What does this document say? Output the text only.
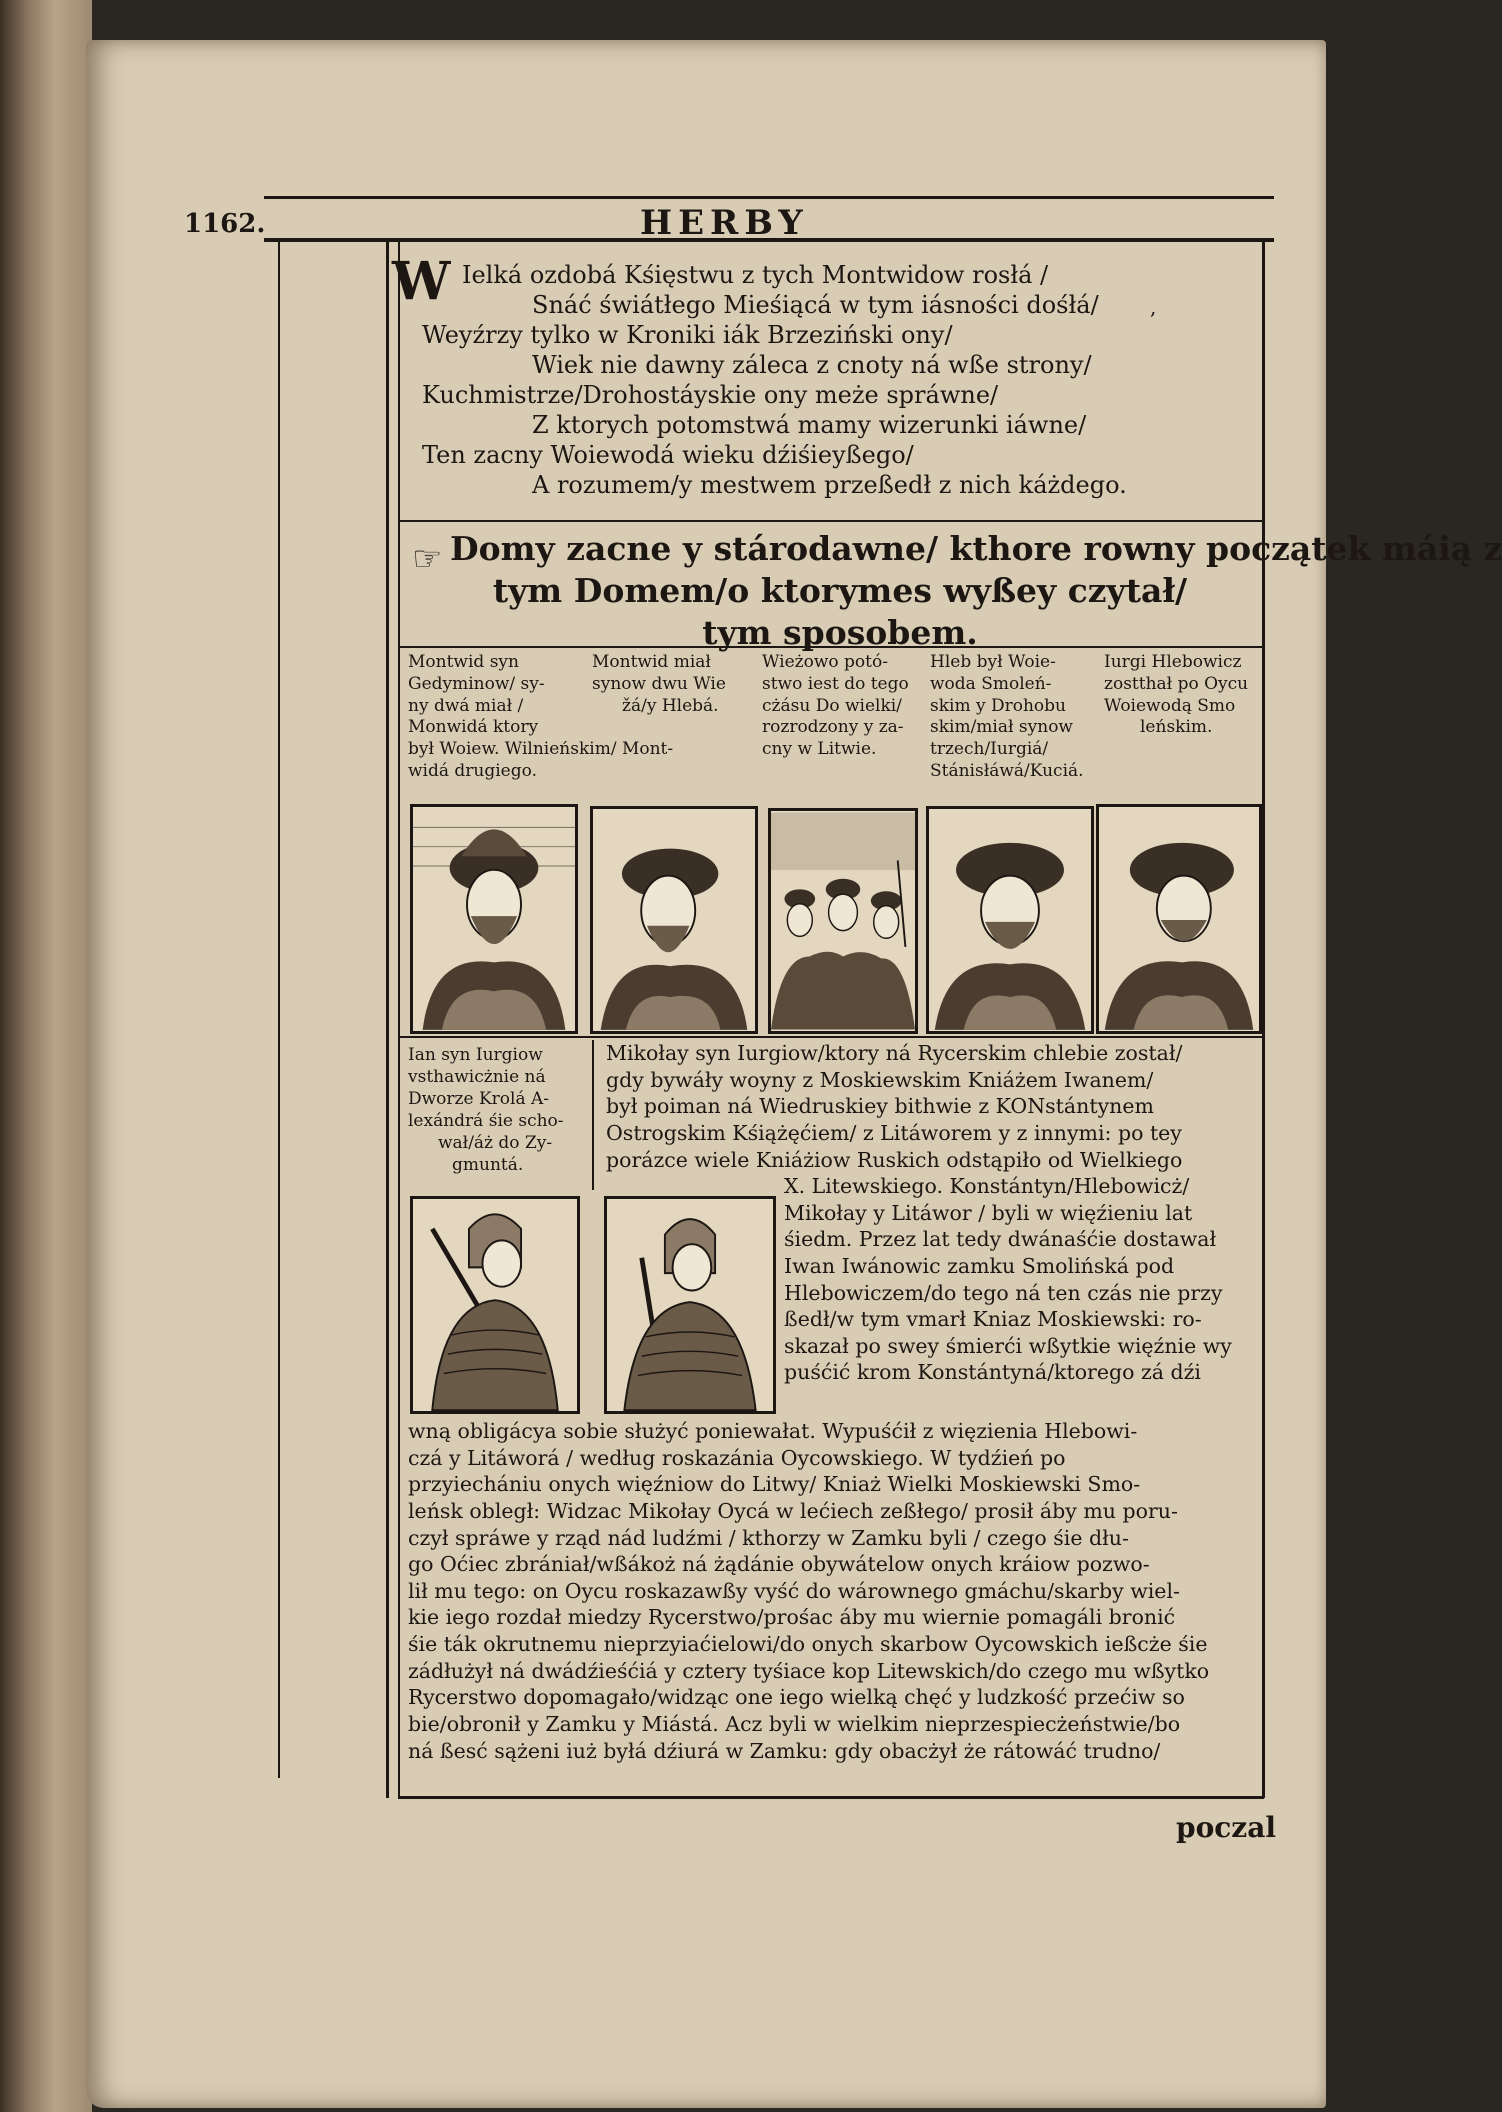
1162.	HERBY
W Ielká ozdobá Kśięstwu z tych Montwidow rosłá /
Snáć świátłego Mieśiącá w tym iásności dośłá/
Weyźrzy tylko w Kroniki iák Brzeziński ony/
Wiek nie dawny záleca z cnoty ná wße strony/
Kuchmistrze/Drohostáyskie ony meże spráwne/
Z ktorych potomstwá mamy wizerunki iáwne/
Ten zacny Woiewodá wieku dźiśieyßego/
A rozumem/y mestwem przeßedł z nich káżdego.
,
☞ Domy zacne y stárodawne/ kthore rowny początek máią z
tym Domem/o ktorymes wyßey czytał/
tym sposobem.
Montwid syn
Gedyminow/ sy-
ny dwá miał /
Monwidá ktory
był Woiew. Wilnieńskim/ Mont-
widá drugiego.
Montwid miał
synow dwu Wie
žá/y Hlebá.
Wieżowo potó-
stwo iest do tego
cżásu Do wielki/
rozrodzony y za-
cny w Litwie.
Hleb był Woie-
woda Smoleń-
skim y Drohobu
skim/miał synow
trzech/Iurgiá/
Stánisłáwá/Kuciá.
Iurgi Hlebowicz
zostthał po Oycu
Woiewodą Smo
leńskim.
Ian syn Iurgiow
vsthawicżnie ná
Dworze Krolá A-
lexándrá śie scho-
wał/áż do Zy-
gmuntá.
Mikołay syn Iurgiow/ktory ná Rycerskim chlebie został/
gdy bywáły woyny z Moskiewskim Kniáżem Iwanem/
był poiman ná Wiedruskiey bithwie z KONstántynem
Ostrogskim Kśiążęćiem/ z Litáworem y z innymi: po tey
porázce wiele Kniáżiow Ruskich odstąpiło od Wielkiego
X. Litewskiego. Konstántyn/Hlebowicż/
Mikołay y Litáwor / byli w więźieniu lat
śiedm. Przez lat tedy dwánaśćie dostawał
Iwan Iwánowic zamku Smolińská pod
Hlebowiczem/do tego ná ten czás nie przy
ßedł/w tym vmarł Kniaz Moskiewski: ro-
skazał po swey śmierći wßytkie więźnie wy
puśćić krom Konstántyná/ktorego zá dźi
wną obligácya sobie służyć poniewałat. Wypuśćił z więzienia Hlebowi-
czá y Litáworá / według roskazánia Oycowskiego. W tydźień po
przyiechániu onych więźniow do Litwy/ Kniaż Wielki Moskiewski Smo-
leńsk obległ: Widzac Mikołay Oycá w lećiech zeßłego/ prosił áby mu poru-
czył spráwe y rząd nád ludźmi / kthorzy w Zamku byli / czego śie dłu-
go Oćiec zbrániał/wßákoż ná żądánie obywátelow onych kráiow pozwo-
lił mu tego: on Oycu roskazawßy vyść do wárownego gmáchu/skarby wiel-
kie iego rozdał miedzy Rycerstwo/prośac áby mu wiernie pomagáli bronić
śie ták okrutnemu nieprzyiaćielowi/do onych skarbow Oycowskich ießcże śie
zádłużył ná dwádźieśćiá y cztery tyśiace kop Litewskich/do czego mu wßytko
Rycerstwo dopomagało/widząc one iego wielką chęć y ludzkość przećiw so
bie/obronił y Zamku y Miástá. Acz byli w wielkim nieprzespiecżeństwie/bo
ná ßesć sążeni iuż byłá dźiurá w Zamku: gdy obacżył że rátowáć trudno/
poczal
